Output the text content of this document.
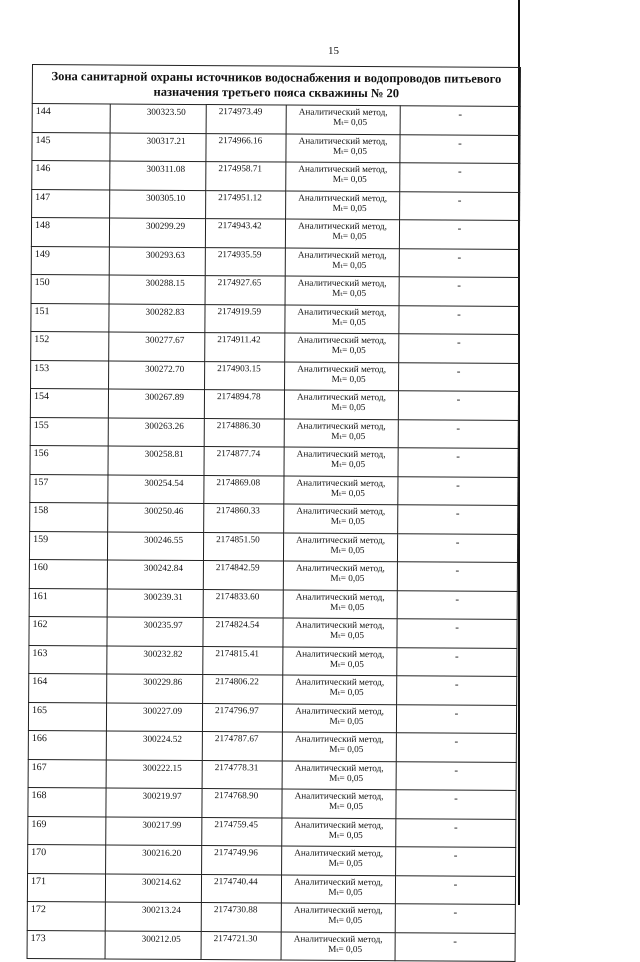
15
Зона санитарной охраны источников водоснабжения и водопроводов питьевого
назначения третьего пояса скважины № 20				
144	300323.50	2174973.49	Аналитический метод,
Мₜ= 0,05	-
145	300317.21	2174966.16	Аналитический метод,
Мₜ= 0,05	-
146	300311.08	2174958.71	Аналитический метод,
Мₜ= 0,05	-
147	300305.10	2174951.12	Аналитический метод,
Мₜ= 0,05	-
148	300299.29	2174943.42	Аналитический метод,
Мₜ= 0,05	-
149	300293.63	2174935.59	Аналитический метод,
Мₜ= 0,05	-
150	300288.15	2174927.65	Аналитический метод,
Мₜ= 0,05	-
151	300282.83	2174919.59	Аналитический метод,
Мₜ= 0,05	-
152	300277.67	2174911.42	Аналитический метод,
Мₜ= 0,05	-
153	300272.70	2174903.15	Аналитический метод,
Мₜ= 0,05	-
154	300267.89	2174894.78	Аналитический метод,
Мₜ= 0,05	-
155	300263.26	2174886.30	Аналитический метод,
Мₜ= 0,05	-
156	300258.81	2174877.74	Аналитический метод,
Мₜ= 0,05	-
157	300254.54	2174869.08	Аналитический метод,
Мₜ= 0,05	-
158	300250.46	2174860.33	Аналитический метод,
Мₜ= 0,05	-
159	300246.55	2174851.50	Аналитический метод,
Мₜ= 0,05	-
160	300242.84	2174842.59	Аналитический метод,
Мₜ= 0,05	-
161	300239.31	2174833.60	Аналитический метод,
Мₜ= 0,05	-
162	300235.97	2174824.54	Аналитический метод,
Мₜ= 0,05	-
163	300232.82	2174815.41	Аналитический метод,
Мₜ= 0,05	-
164	300229.86	2174806.22	Аналитический метод,
Мₜ= 0,05	-
165	300227.09	2174796.97	Аналитический метод,
Мₜ= 0,05	-
166	300224.52	2174787.67	Аналитический метод,
Мₜ= 0,05	-
167	300222.15	2174778.31	Аналитический метод,
Мₜ= 0,05	-
168	300219.97	2174768.90	Аналитический метод,
Мₜ= 0,05	-
169	300217.99	2174759.45	Аналитический метод,
Мₜ= 0,05	-
170	300216.20	2174749.96	Аналитический метод,
Мₜ= 0,05	-
171	300214.62	2174740.44	Аналитический метод,
Мₜ= 0,05	-
172	300213.24	2174730.88	Аналитический метод,
Мₜ= 0,05	-
173	300212.05	2174721.30	Аналитический метод,
Мₜ= 0,05	-
